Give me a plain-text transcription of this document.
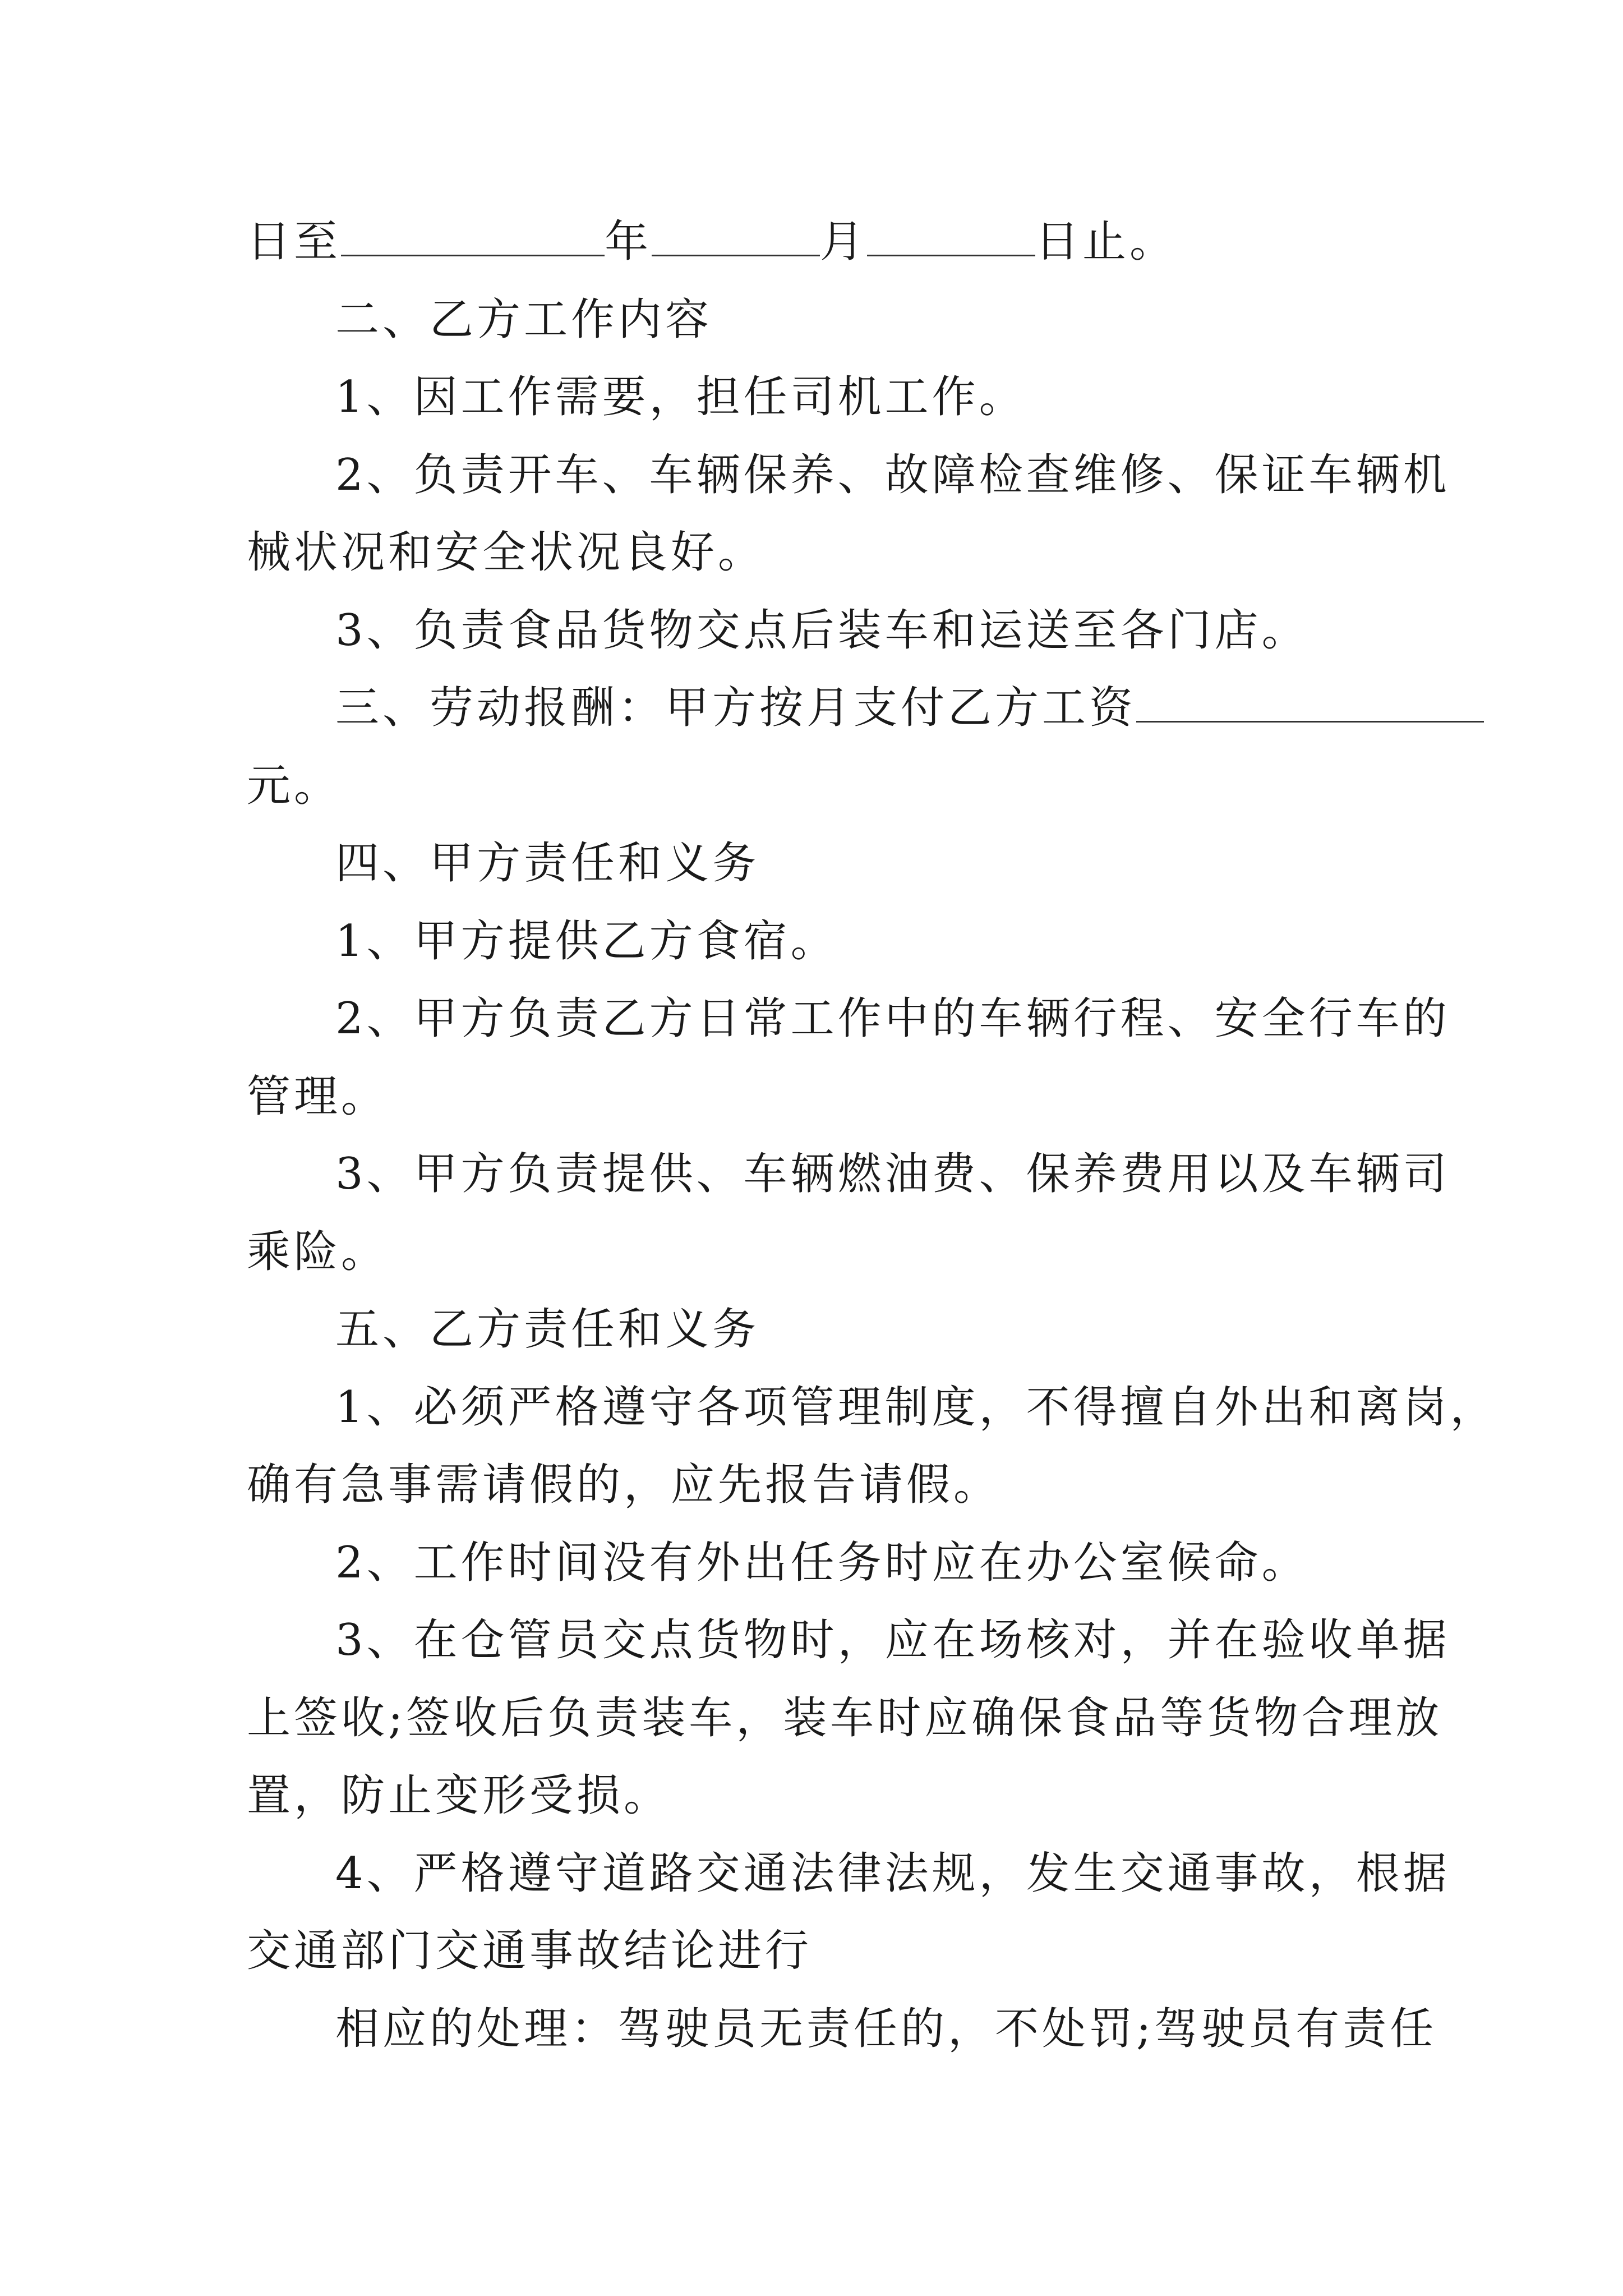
日至	年	月	日止。
二、乙方工作内容
1、因工作需要，担任司机工作。
2、负责开车、车辆保养、故障检查维修、保证车辆机
械状况和安全状况良好。
3、负责食品货物交点后装车和运送至各门店。
三、劳动报酬：甲方按月支付乙方工资
元。
四、甲方责任和义务
1、甲方提供乙方食宿。
2、甲方负责乙方日常工作中的车辆行程、安全行车的
管理。
3、甲方负责提供、车辆燃油费、保养费用以及车辆司
乘险。
五、乙方责任和义务
1、必须严格遵守各项管理制度，不得擅自外出和离岗，
确有急事需请假的，应先报告请假。
2、工作时间没有外出任务时应在办公室候命。
3、在仓管员交点货物时，应在场核对，并在验收单据
上签收;签收后负责装车，装车时应确保食品等货物合理放
置，防止变形受损。
4、严格遵守道路交通法律法规，发生交通事故，根据
交通部门交通事故结论进行
相应的处理：驾驶员无责任的，不处罚;驾驶员有责任
